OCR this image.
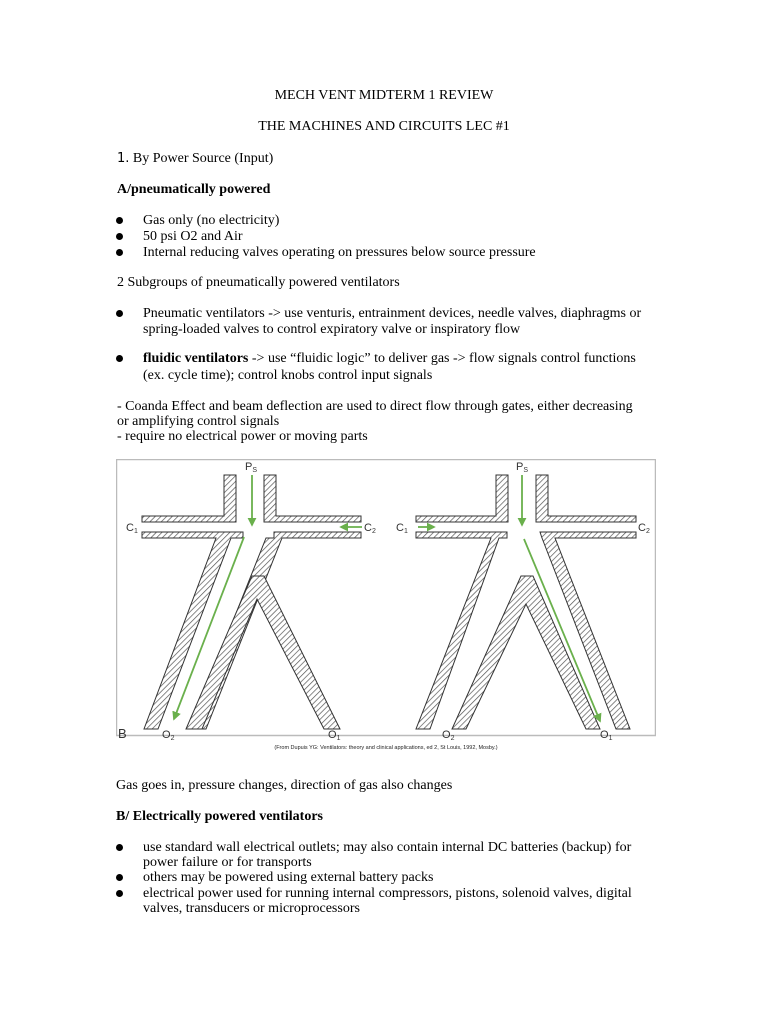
MECH VENT MIDTERM 1 REVIEW
THE MACHINES AND CIRCUITS LEC #1
1. By Power Source (Input)
A/pneumatically powered
Gas only (no electricity)
50 psi O2 and Air
Internal reducing valves operating on pressures below source pressure
2 Subgroups of pneumatically powered ventilators
Pneumatic ventilators -> use venturis, entrainment devices, needle valves, diaphragms or
spring-loaded valves to control expiratory valve or inspiratory flow
fluidic ventilators -> use “fluidic logic” to deliver gas -> flow signals control functions
(ex. cycle time); control knobs control input signals
- Coanda Effect and beam deflection are used to direct flow through gates, either decreasing
or amplifying control signals
- require no electrical power or moving parts
PS
C1	C2
B	O2	O1
PS
C1	C2
O2	O1
(From Dupuis YG: Ventilators: theory and clinical applications, ed 2, St Louis, 1992, Mosby.)
Gas goes in, pressure changes, direction of gas also changes
B/ Electrically powered ventilators
use standard wall electrical outlets; may also contain internal DC batteries (backup) for
power failure or for transports
others may be powered using external battery packs
electrical power used for running internal compressors, pistons, solenoid valves, digital
valves, transducers or microprocessors
